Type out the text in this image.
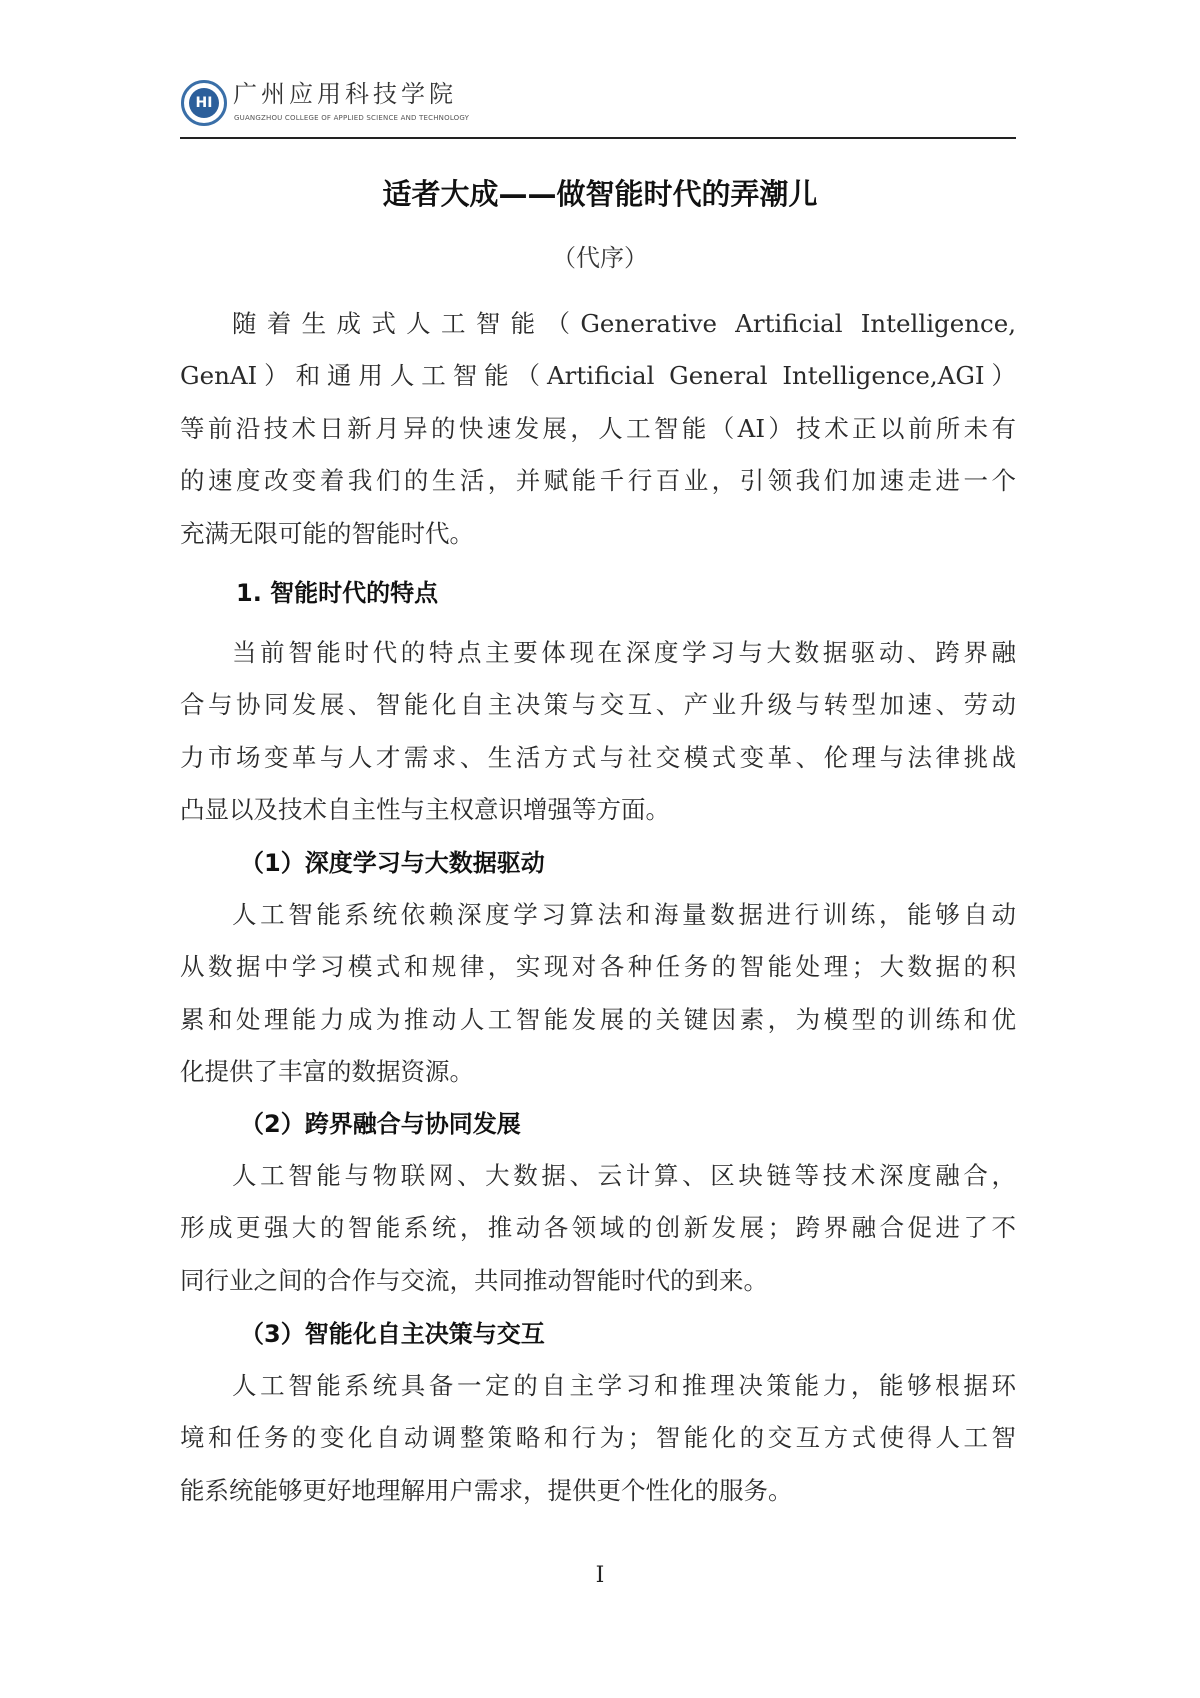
HI 广州应用科技学院
GUANGZHOU COLLEGE OF APPLIED SCIENCE AND TECHNOLOGY
适者大成——做智能时代的弄潮儿
（代序）
随着生成式人工智能（Generative Artificial Intelligence,
GenAI）和通用人工智能（Artificial General Intelligence,AGI）
等前沿技术日新月异的快速发展，人工智能（AI）技术正以前所未有
的速度改变着我们的生活，并赋能千行百业，引领我们加速走进一个
充满无限可能的智能时代。
1. 智能时代的特点
当前智能时代的特点主要体现在深度学习与大数据驱动、跨界融
合与协同发展、智能化自主决策与交互、产业升级与转型加速、劳动
力市场变革与人才需求、生活方式与社交模式变革、伦理与法律挑战
凸显以及技术自主性与主权意识增强等方面。
（1）深度学习与大数据驱动
人工智能系统依赖深度学习算法和海量数据进行训练，能够自动
从数据中学习模式和规律，实现对各种任务的智能处理；大数据的积
累和处理能力成为推动人工智能发展的关键因素，为模型的训练和优
化提供了丰富的数据资源。
（2）跨界融合与协同发展
人工智能与物联网、大数据、云计算、区块链等技术深度融合，
形成更强大的智能系统，推动各领域的创新发展；跨界融合促进了不
同行业之间的合作与交流，共同推动智能时代的到来。
（3）智能化自主决策与交互
人工智能系统具备一定的自主学习和推理决策能力，能够根据环
境和任务的变化自动调整策略和行为；智能化的交互方式使得人工智
能系统能够更好地理解用户需求，提供更个性化的服务。
I
